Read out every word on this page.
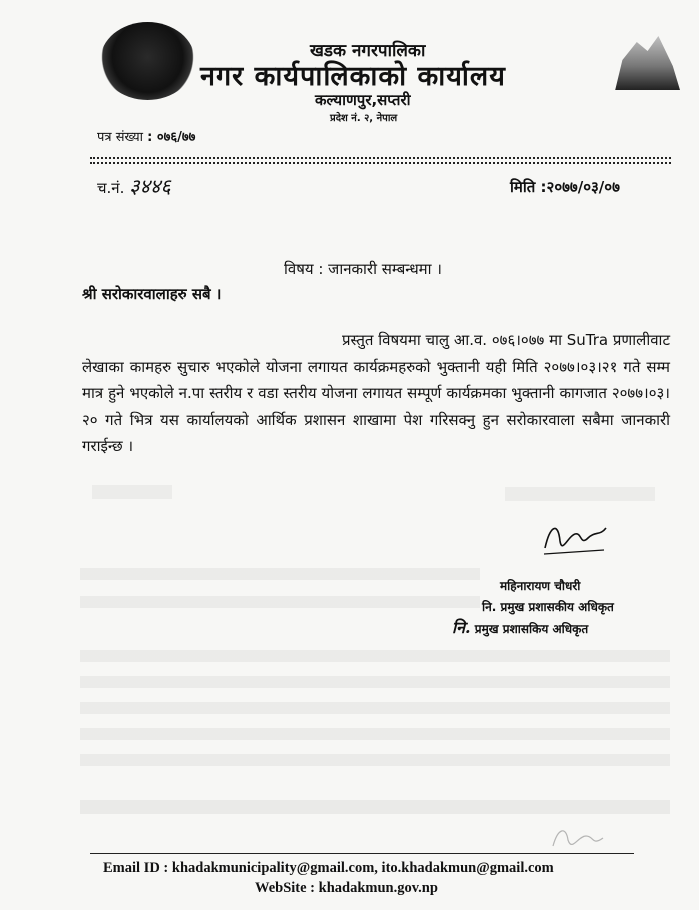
खडक नगरपालिका
नगर कार्यपालिकाको कार्यालय
कल्याणपुर,सप्तरी
प्रदेश नं. २, नेपाल
पत्र संख्या : ०७६/७७
च.नं. ३४४६	मिति :२०७७/०३/०७
विषय : जानकारी सम्बन्धमा ।
श्री सरोकारवालाहरु सबै ।

प्रस्तुत विषयमा चालु आ.व. ०७६।०७७ मा SuTra प्रणालीवाट लेखाका कामहरु सुचारु भएकोले योजना लगायत कार्यक्रमहरुको भुक्तानी यही मिति २०७७।०३।२१ गते सम्म मात्र हुने भएकोले न.पा स्तरीय र वडा स्तरीय योजना लगायत सम्पूर्ण कार्यक्रमका भुक्तानी कागजात २०७७।०३।२० गते भित्र यस कार्यालयको आर्थिक प्रशासन शाखामा पेश गरिसक्नु हुन सरोकारवाला सबैमा जानकारी गराईन्छ ।

महिनारायण चौधरी
नि. प्रमुख प्रशासकीय अधिकृत
नि. प्रमुख प्रशासकिय अधिकृत
Email ID : khadakmunicipality@gmail.com, ito.khadakmun@gmail.com
WebSite : khadakmun.gov.np
